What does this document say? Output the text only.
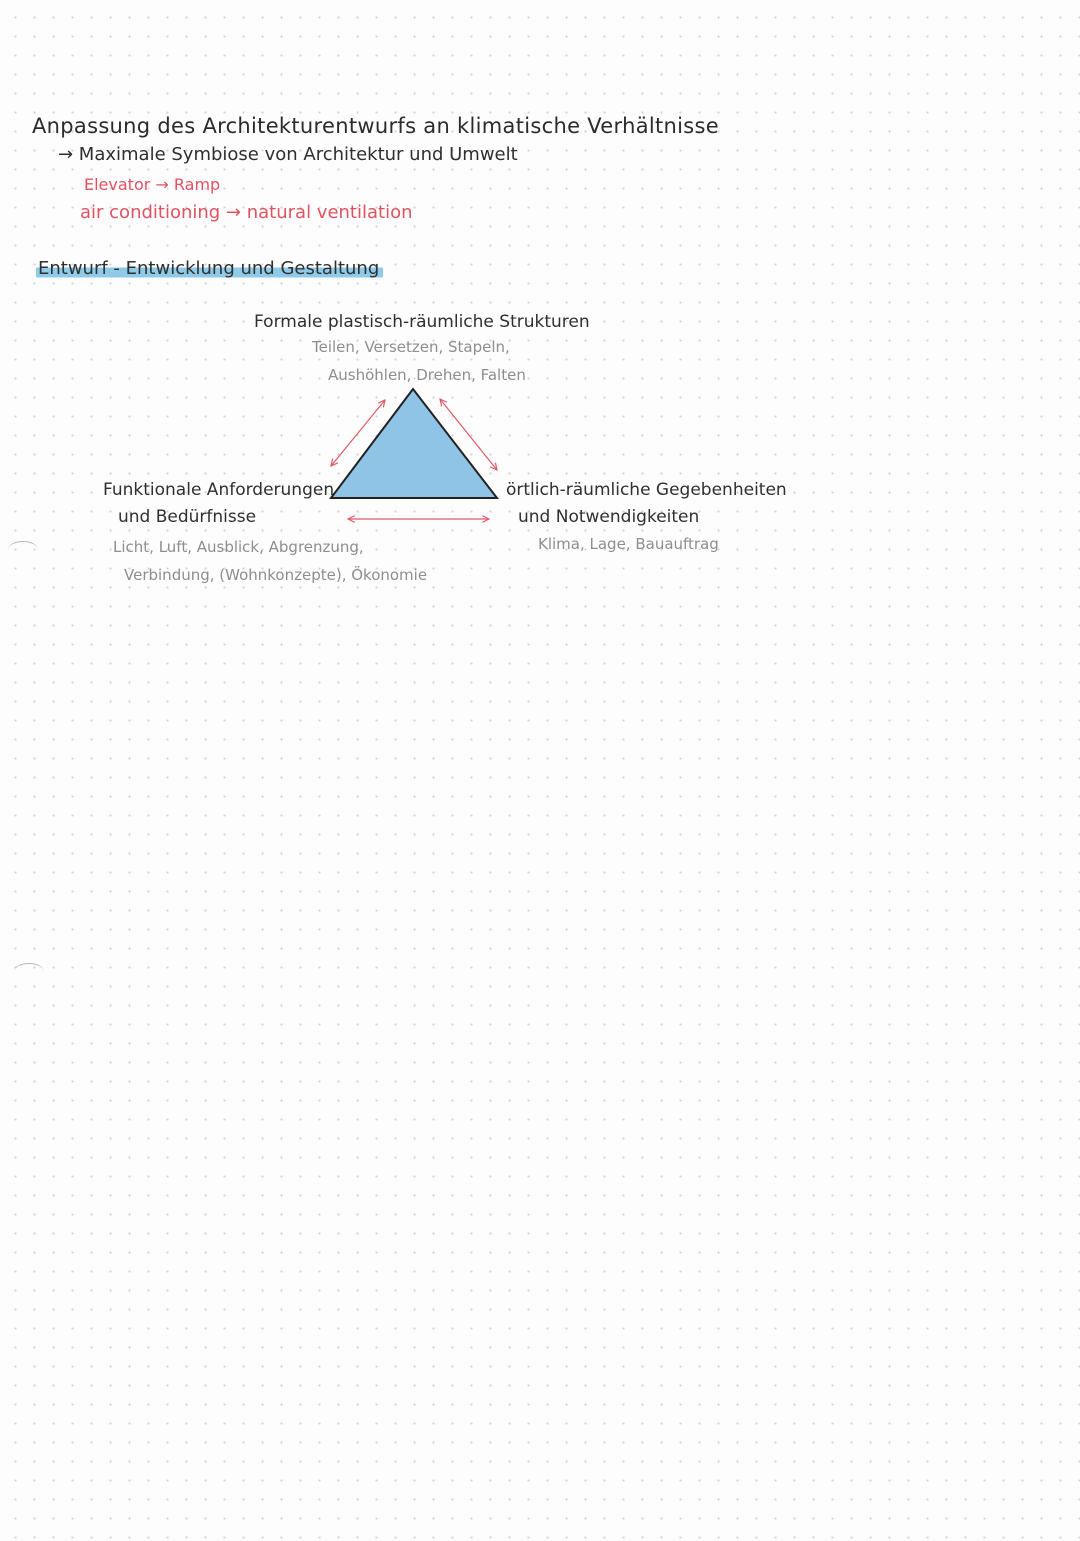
Anpassung des Architekturentwurfs an klimatische Verhältnisse

→ Maximale Symbiose von Architektur und Umwelt

Elevator → Ramp

air conditioning → natural ventilation

Entwurf - Entwicklung und Gestaltung

Formale plastisch-räumliche Strukturen

Teilen, Versetzen, Stapeln,

Aushöhlen, Drehen, Falten

Funktionale Anforderungen

und Bedürfnisse

Licht, Luft, Ausblick, Abgrenzung,

Verbindung, (Wohnkonzepte), Ökonomie

örtlich-räumliche Gegebenheiten

und Notwendigkeiten

Klima, Lage, Bauauftrag
